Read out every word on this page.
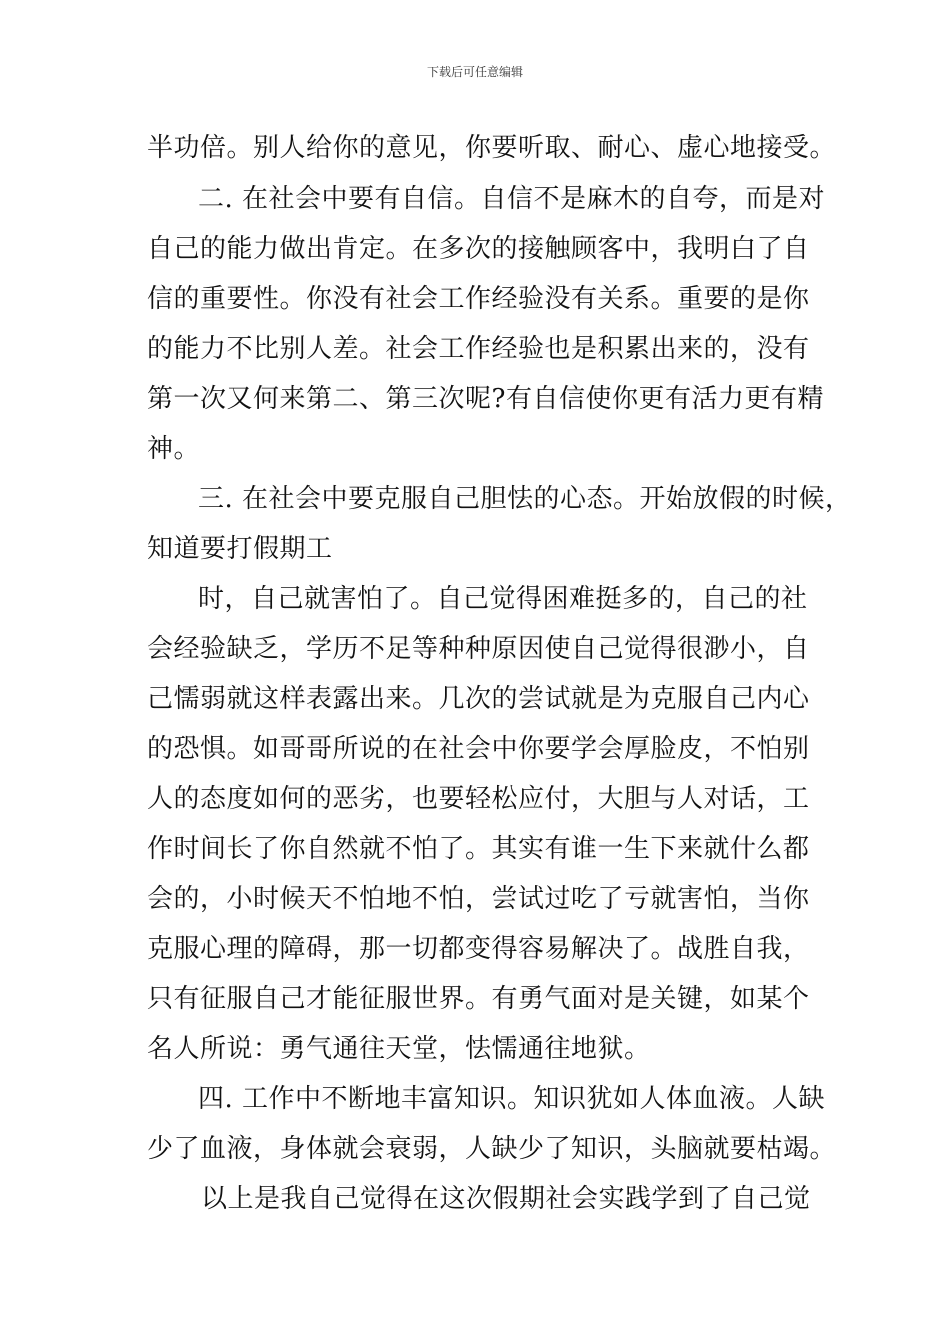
下载后可任意编辑
半功倍。别人给你的意见，你要听取、耐心、虚心地接受。
二. 在社会中要有自信。自信不是麻木的自夸，而是对
自己的能力做出肯定。在多次的接触顾客中，我明白了自
信的重要性。你没有社会工作经验没有关系。重要的是你
的能力不比别人差。社会工作经验也是积累出来的，没有
第一次又何来第二、第三次呢?有自信使你更有活力更有精
神。
三. 在社会中要克服自己胆怯的心态。开始放假的时候，
知道要打假期工
时，自己就害怕了。自己觉得困难挺多的，自己的社
会经验缺乏，学历不足等种种原因使自己觉得很渺小，自
己懦弱就这样表露出来。几次的尝试就是为克服自己内心
的恐惧。如哥哥所说的在社会中你要学会厚脸皮，不怕别
人的态度如何的恶劣，也要轻松应付，大胆与人对话，工
作时间长了你自然就不怕了。其实有谁一生下来就什么都
会的，小时候天不怕地不怕，尝试过吃了亏就害怕，当你
克服心理的障碍，那一切都变得容易解决了。战胜自我，
只有征服自己才能征服世界。有勇气面对是关键，如某个
名人所说：勇气通往天堂，怯懦通往地狱。
四. 工作中不断地丰富知识。知识犹如人体血液。人缺
少了血液，身体就会衰弱，人缺少了知识，头脑就要枯竭。
以上是我自己觉得在这次假期社会实践学到了自己觉
